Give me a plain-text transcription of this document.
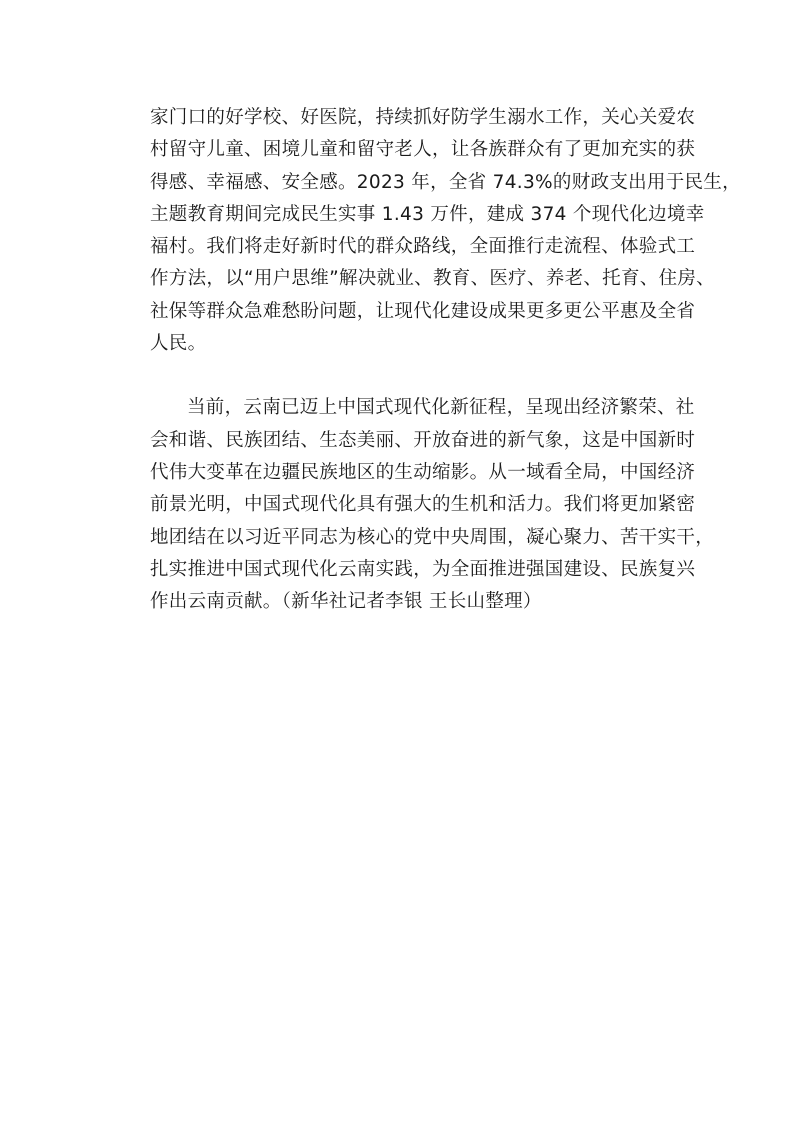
家门口的好学校、好医院，持续抓好防学生溺水工作，关心关爱农
村留守儿童、困境儿童和留守老人，让各族群众有了更加充实的获
得感、幸福感、安全感。2023 年，全省 74.3%的财政支出用于民生，
主题教育期间完成民生实事 1.43 万件，建成 374 个现代化边境幸
福村。我们将走好新时代的群众路线，全面推行走流程、体验式工
作方法，以“用户思维”解决就业、教育、医疗、养老、托育、住房、
社保等群众急难愁盼问题，让现代化建设成果更多更公平惠及全省
人民。
当前，云南已迈上中国式现代化新征程，呈现出经济繁荣、社
会和谐、民族团结、生态美丽、开放奋进的新气象，这是中国新时
代伟大变革在边疆民族地区的生动缩影。从一域看全局，中国经济
前景光明，中国式现代化具有强大的生机和活力。我们将更加紧密
地团结在以习近平同志为核心的党中央周围，凝心聚力、苦干实干，
扎实推进中国式现代化云南实践，为全面推进强国建设、民族复兴
作出云南贡献。（新华社记者李银 王长山整理）
